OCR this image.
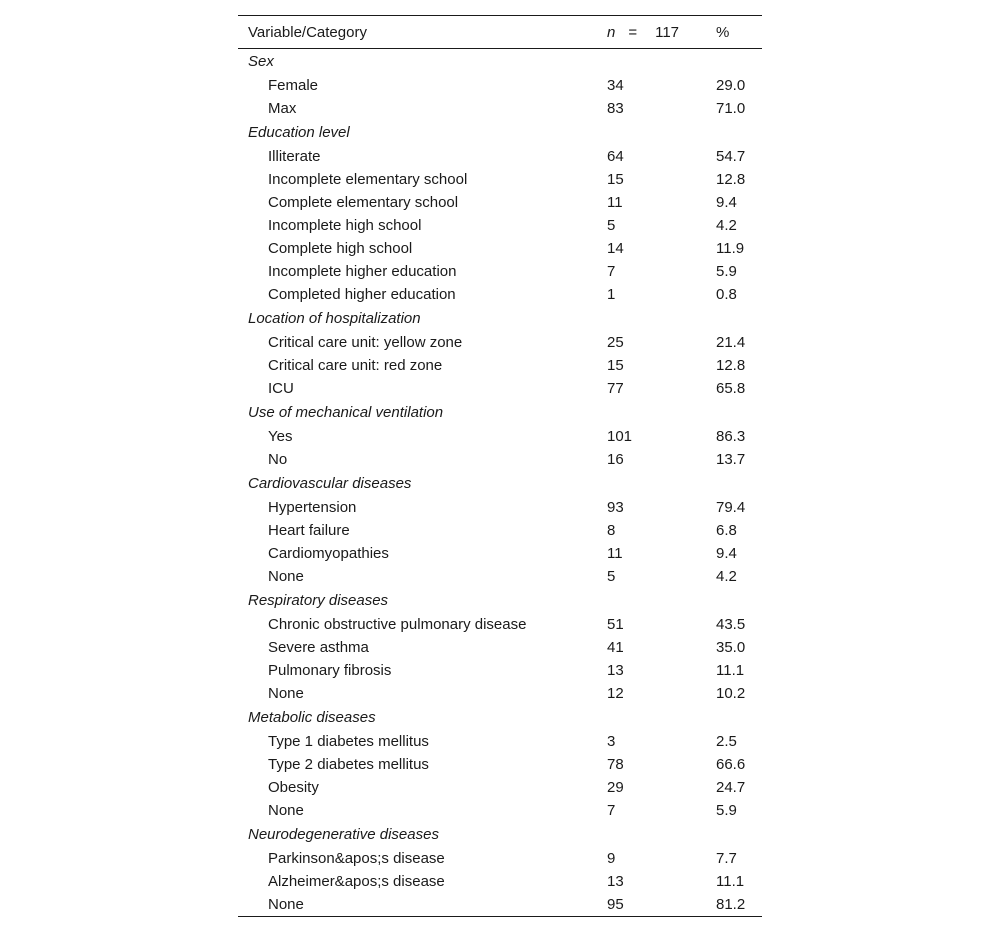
Variable/Category	n = 117	%
Sex		
Female	34	29.0
Max	83	71.0
Education level		
Illiterate	64	54.7
Incomplete elementary school	15	12.8
Complete elementary school	11	9.4
Incomplete high school	5	4.2
Complete high school	14	11.9
Incomplete higher education	7	5.9
Completed higher education	1	0.8
Location of hospitalization		
Critical care unit: yellow zone	25	21.4
Critical care unit: red zone	15	12.8
ICU	77	65.8
Use of mechanical ventilation		
Yes	101	86.3
No	16	13.7
Cardiovascular diseases		
Hypertension	93	79.4
Heart failure	8	6.8
Cardiomyopathies	11	9.4
None	5	4.2
Respiratory diseases		
Chronic obstructive pulmonary disease	51	43.5
Severe asthma	41	35.0
Pulmonary fibrosis	13	11.1
None	12	10.2
Metabolic diseases		
Type 1 diabetes mellitus	3	2.5
Type 2 diabetes mellitus	78	66.6
Obesity	29	24.7
None	7	5.9
Neurodegenerative diseases		
Parkinson&apos;s disease	9	7.7
Alzheimer&apos;s disease	13	11.1
None	95	81.2
